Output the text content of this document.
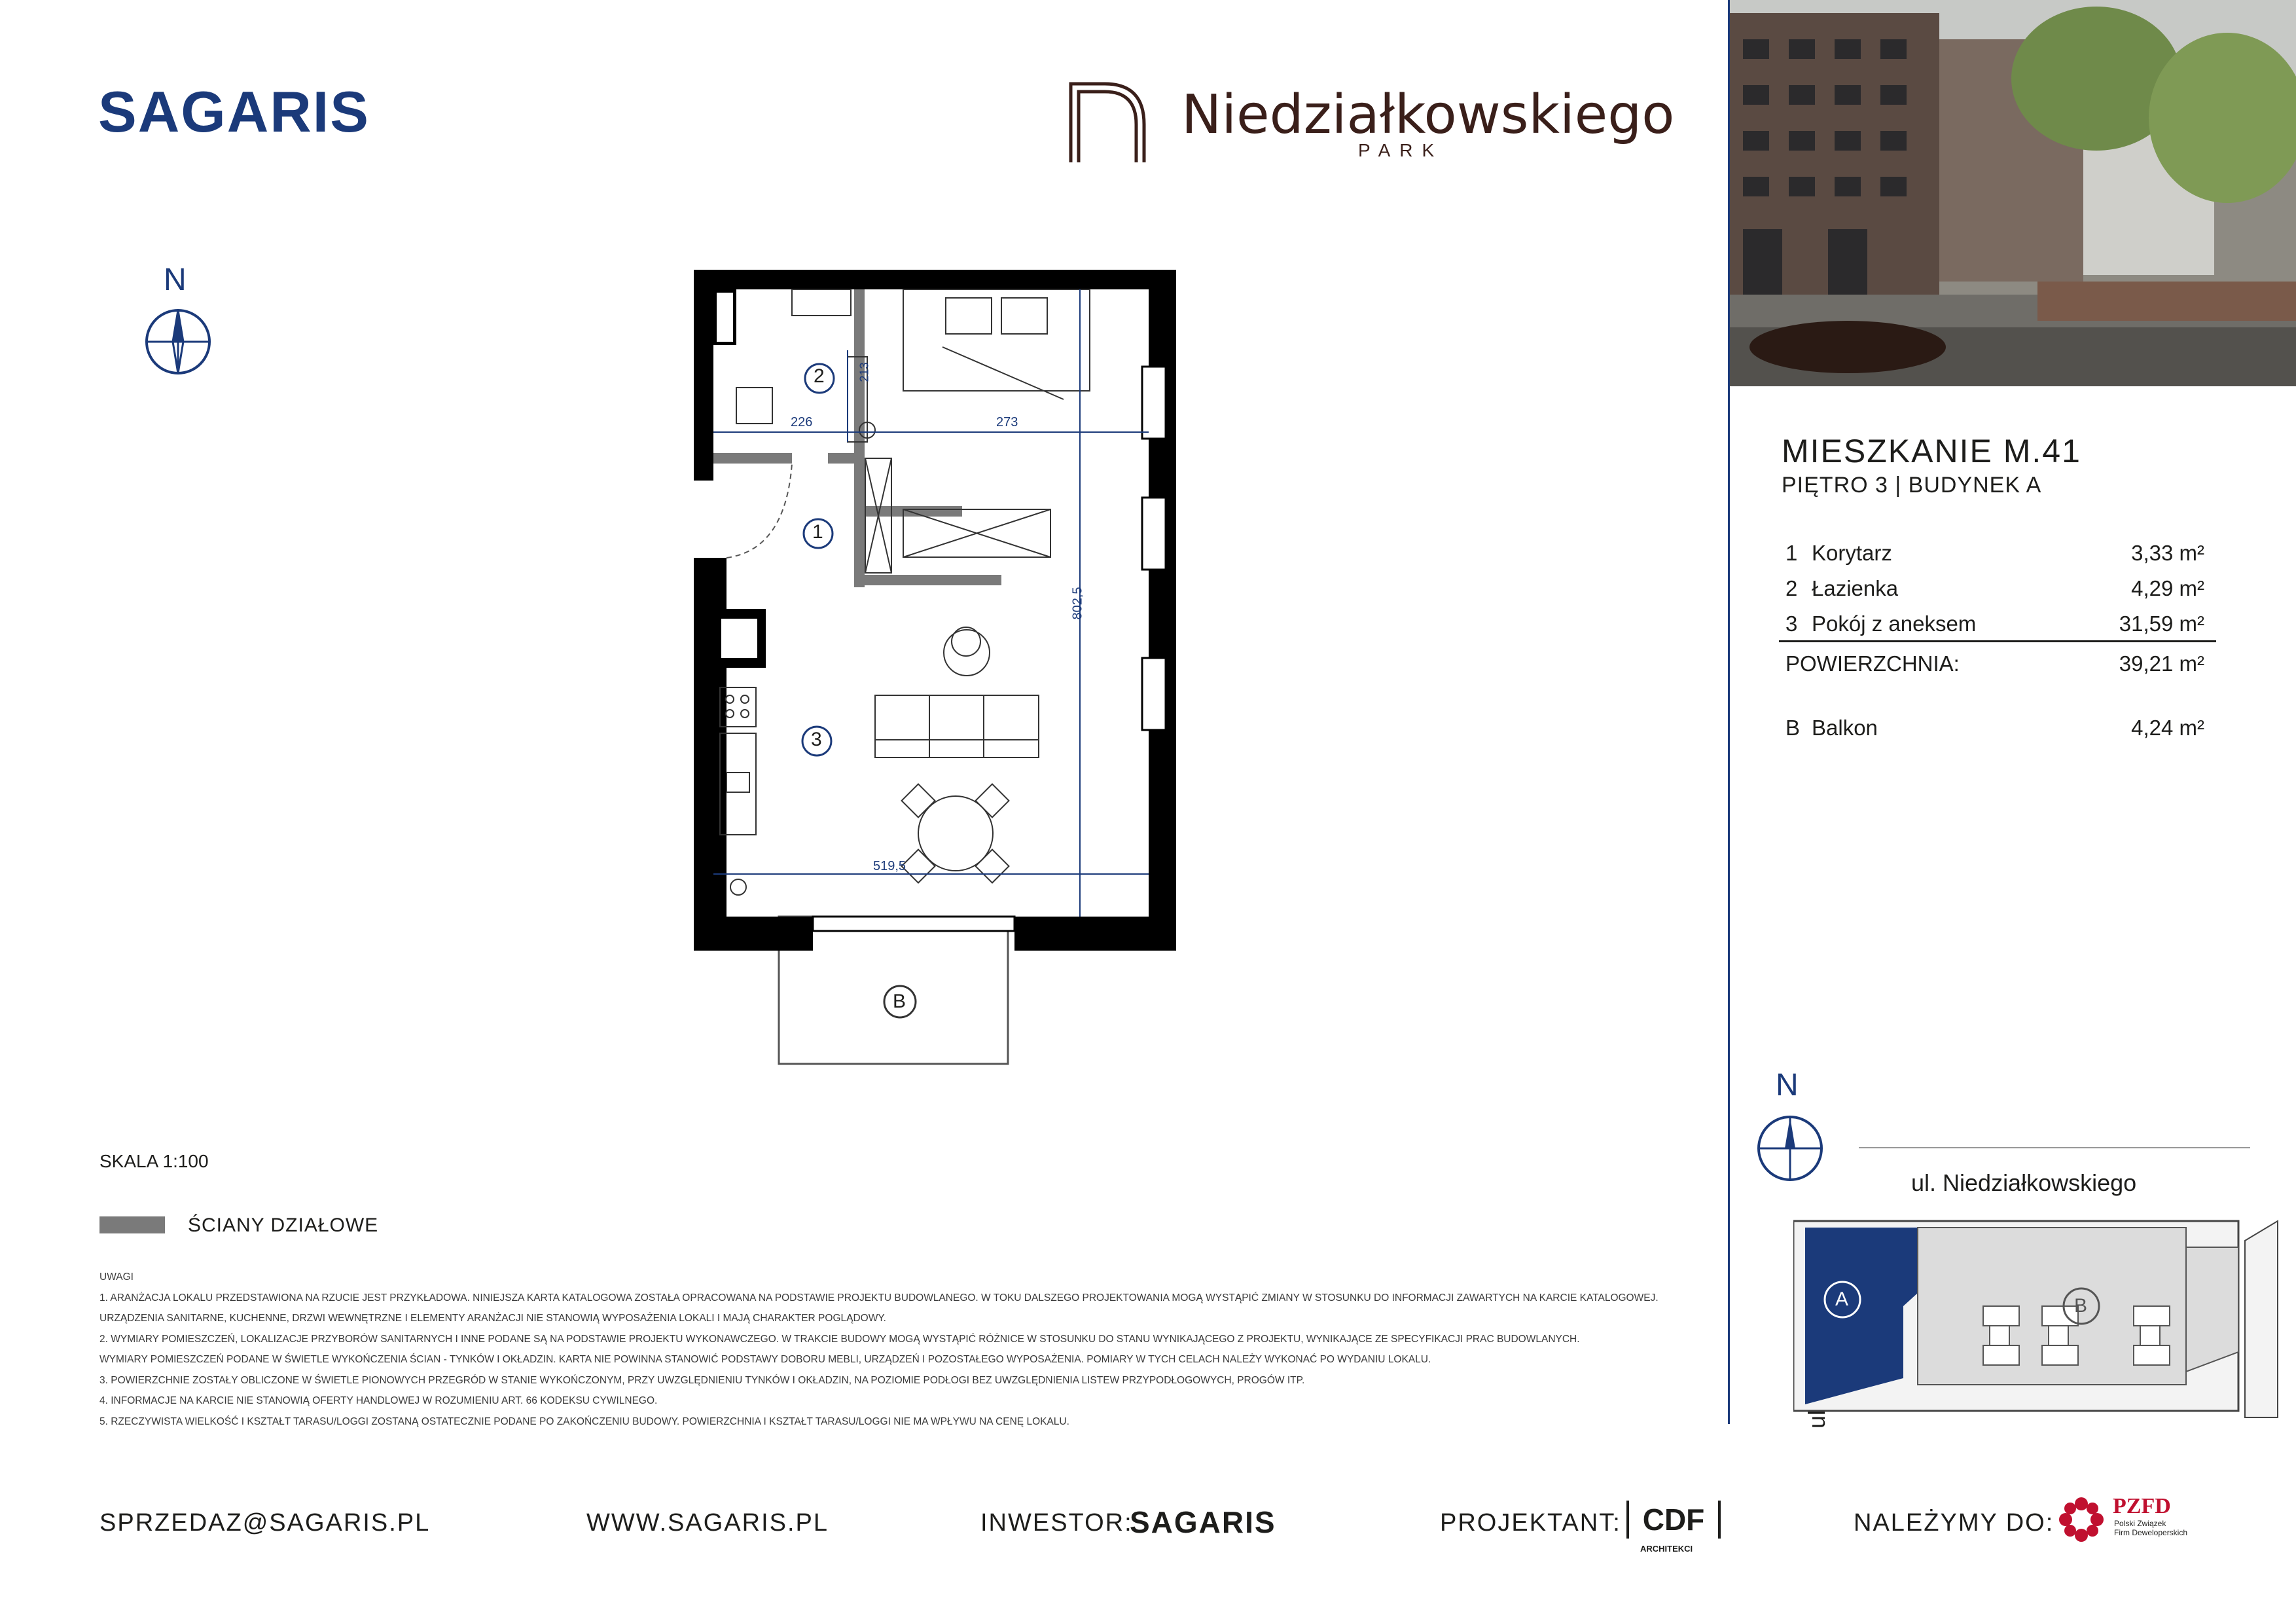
SAGARIS	Niedziałkowskiego
PARK
N
2
1
3
B
226	273
213
802,5
519,5
MIESZKANIE M.41
PIĘTRO 3 | BUDYNEK A
1 Korytarz	3,33 m²
2 Łazienka	4,29 m²
3 Pokój z aneksem	31,59 m²
POWIERZCHNIA:	39,21 m²
B Balkon	4,24 m²
N
ul. Niedziałkowskiego
ul.
A	B
SKALA 1:100
ŚCIANY DZIAŁOWE
UWAGI
1. ARANŻACJA LOKALU PRZEDSTAWIONA NA RZUCIE JEST PRZYKŁADOWA. NINIEJSZA KARTA KATALOGOWA ZOSTAŁA OPRACOWANA NA PODSTAWIE PROJEKTU BUDOWLANEGO. W TOKU DALSZEGO PROJEKTOWANIA MOGĄ WYSTĄPIĆ ZMIANY W STOSUNKU DO INFORMACJI ZAWARTYCH NA KARCIE KATALOGOWEJ.
URZĄDZENIA SANITARNE, KUCHENNE, DRZWI WEWNĘTRZNE I ELEMENTY ARANŻACJI NIE STANOWIĄ WYPOSAŻENIA LOKALI I MAJĄ CHARAKTER POGLĄDOWY.
2. WYMIARY POMIESZCZEŃ, LOKALIZACJE PRZYBORÓW SANITARNYCH I INNE PODANE SĄ NA PODSTAWIE PROJEKTU WYKONAWCZEGO. W TRAKCIE BUDOWY MOGĄ WYSTĄPIĆ RÓŻNICE W STOSUNKU DO STANU WYNIKAJĄCEGO Z PROJEKTU, WYNIKAJĄCE ZE SPECYFIKACJI PRAC BUDOWLANYCH.
WYMIARY POMIESZCZEŃ PODANE W ŚWIETLE WYKOŃCZENIA ŚCIAN - TYNKÓW I OKŁADZIN. KARTA NIE POWINNA STANOWIĆ PODSTAWY DOBORU MEBLI, URZĄDZEŃ I POZOSTAŁEGO WYPOSAŻENIA. POMIARY W TYCH CELACH NALEŻY WYKONAĆ PO WYDANIU LOKALU.
3. POWIERZCHNIE ZOSTAŁY OBLICZONE W ŚWIETLE PIONOWYCH PRZEGRÓD W STANIE WYKOŃCZONYM, PRZY UWZGLĘDNIENIU TYNKÓW I OKŁADZIN, NA POZIOMIE PODŁOGI BEZ UWZGLĘDNIENIA LISTEW PRZYPODŁOGOWYCH, PROGÓW ITP.
4. INFORMACJE NA KARCIE NIE STANOWIĄ OFERTY HANDLOWEJ W ROZUMIENIU ART. 66 KODEKSU CYWILNEGO.
5. RZECZYWISTA WIELKOŚĆ I KSZTAŁT TARASU/LOGGI ZOSTANĄ OSTATECZNIE PODANE PO ZAKOŃCZENIU BUDOWY. POWIERZCHNIA I KSZTAŁT TARASU/LOGGI NIE MA WPŁYWU NA CENĘ LOKALU.
SPRZEDAZ@SAGARIS.PL	WWW.SAGARIS.PL	INWESTOR:
SAGARIS	PROJEKTANT: CDF
ARCHITEKCI
NALEŻYMY DO:
PZFD
Polski Związek
Firm Deweloperskich
